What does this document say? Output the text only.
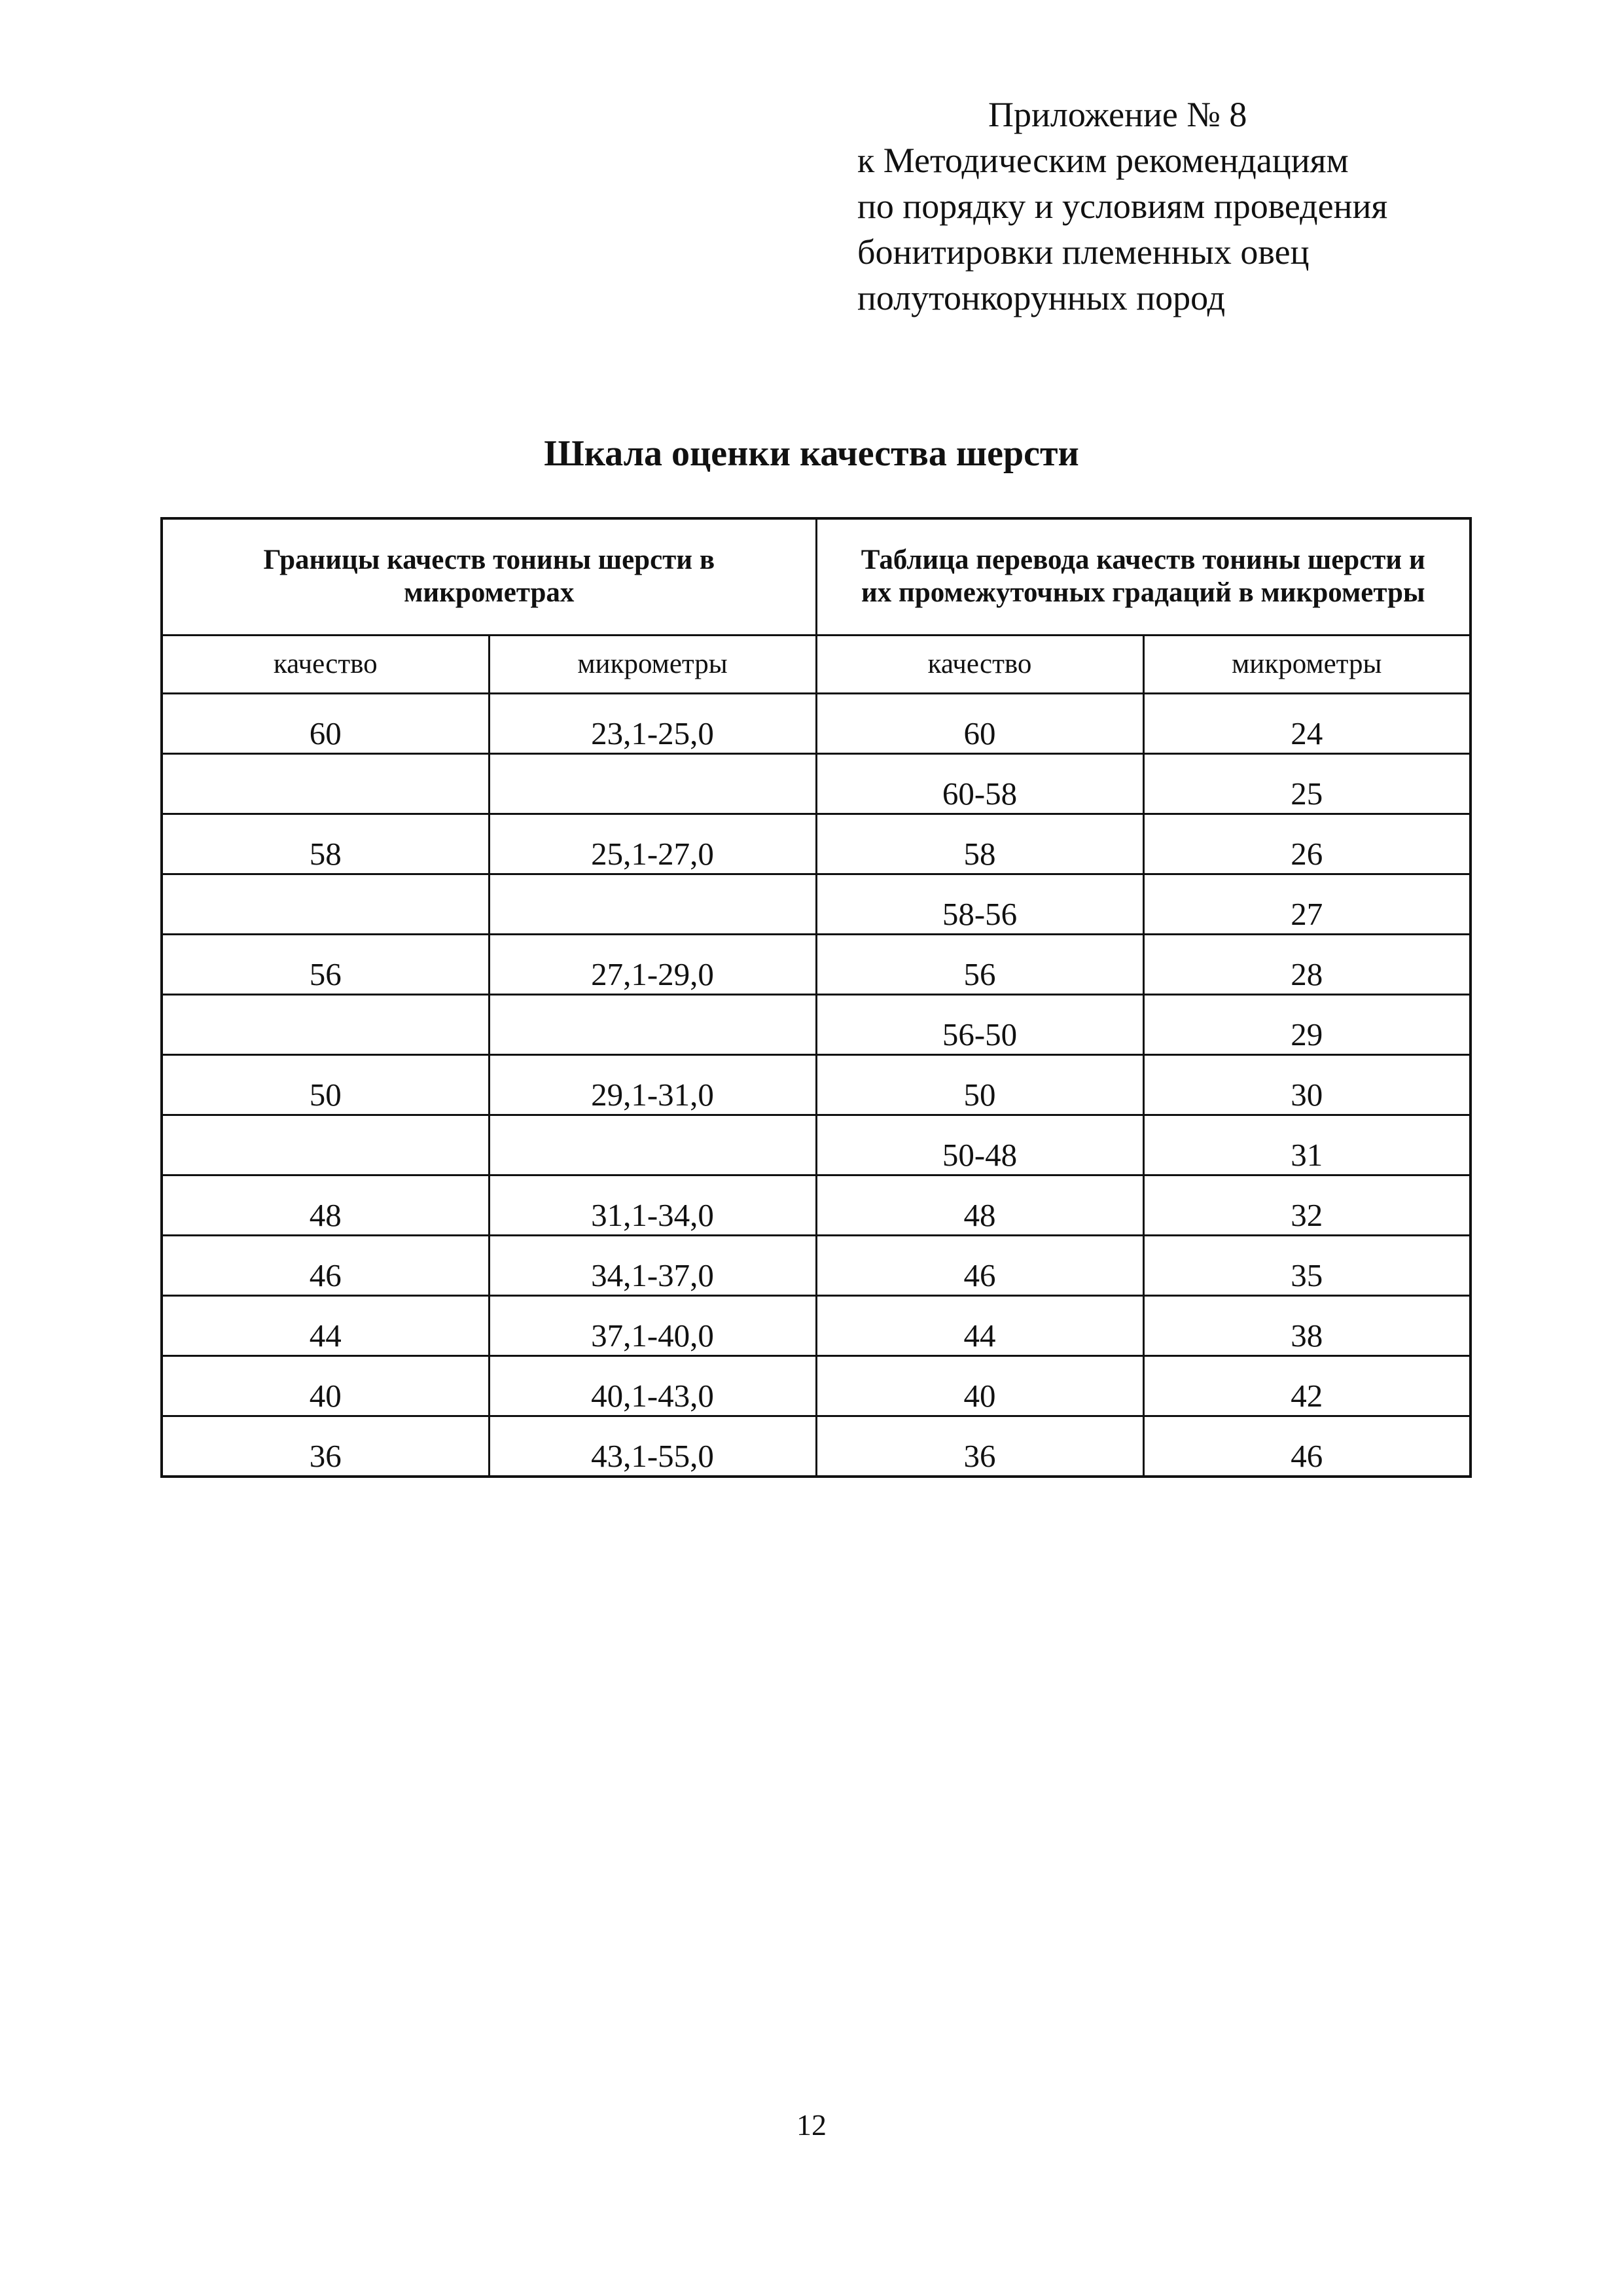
Приложение № 8
к Методическим рекомендациям
по порядку и условиям проведения
бонитировки племенных овец
полутонкорунных пород
Шкала оценки качества шерсти
Границы качеств тонины шерсти в микрометрах		Таблица перевода качеств тонины шерсти и их промежуточных градаций в микрометры	
качество	микрометры	качество	микрометры
60	23,1-25,0	60	24
		60-58	25
58	25,1-27,0	58	26
		58-56	27
56	27,1-29,0	56	28
		56-50	29
50	29,1-31,0	50	30
		50-48	31
48	31,1-34,0	48	32
46	34,1-37,0	46	35
44	37,1-40,0	44	38
40	40,1-43,0	40	42
36	43,1-55,0	36	46
12
